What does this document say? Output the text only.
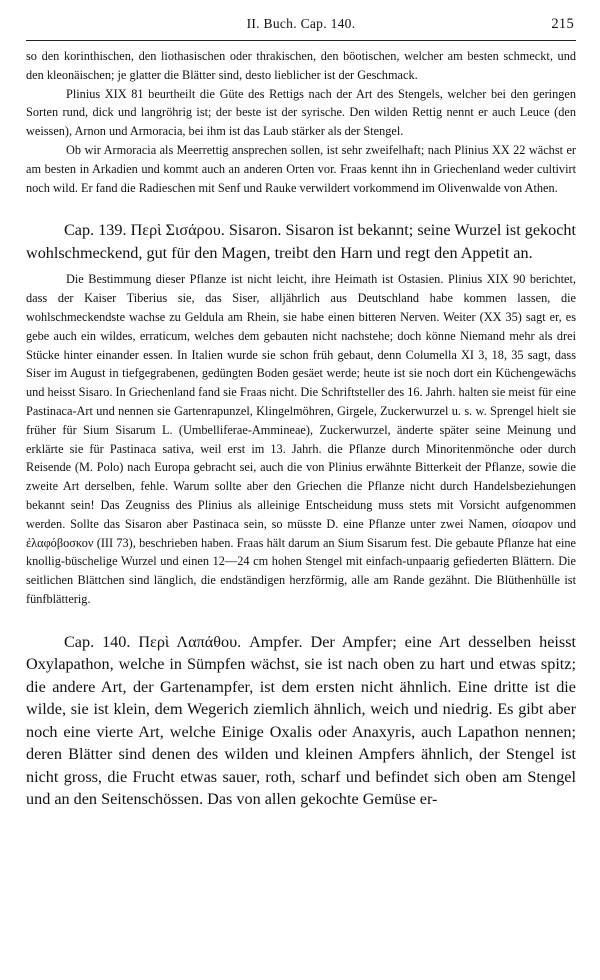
II. Buch. Cap. 140.	215

so den korinthischen, den liothasischen oder thrakischen, den böotischen, welcher am besten schmeckt, und den kleonäischen; je glatter die Blätter sind, desto lieblicher ist der Geschmack.

Plinius XIX 81 beurtheilt die Güte des Rettigs nach der Art des Stengels, welcher bei den geringen Sorten rund, dick und langröhrig ist; der beste ist der syrische. Den wilden Rettig nennt er auch Leuce (den weissen), Arnon und Armoracia, bei ihm ist das Laub stärker als der Stengel.

Ob wir Armoracia als Meerrettig ansprechen sollen, ist sehr zweifelhaft; nach Plinius XX 22 wächst er am besten in Arkadien und kommt auch an anderen Orten vor. Fraas kennt ihn in Griechenland weder cultivirt noch wild. Er fand die Radieschen mit Senf und Rauke verwildert vorkommend im Olivenwalde von Athen.

Cap. 139. Περὶ Σισάρου. Sisaron. Sisaron ist bekannt; seine Wurzel ist gekocht wohlschmeckend, gut für den Magen, treibt den Harn und regt den Appetit an.

Die Bestimmung dieser Pflanze ist nicht leicht, ihre Heimath ist Ostasien. Plinius XIX 90 berichtet, dass der Kaiser Tiberius sie, das Siser, alljährlich aus Deutschland habe kommen lassen, die wohlschmeckendste wachse zu Geldula am Rhein, sie habe einen bitteren Nerven. Weiter (XX 35) sagt er, es gebe auch ein wildes, erraticum, welches dem gebauten nicht nachstehe; doch könne Niemand mehr als drei Stücke hinter einander essen. In Italien wurde sie schon früh gebaut, denn Columella XI 3, 18, 35 sagt, dass Siser im August in tiefgegrabenen, gedüngten Boden gesäet werde; heute ist sie noch dort ein Küchengewächs und heisst Sisaro. In Griechenland fand sie Fraas nicht. Die Schriftsteller des 16. Jahrh. halten sie meist für eine Pastinaca-Art und nennen sie Gartenrapunzel, Klingelmöhren, Girgele, Zuckerwurzel u. s. w. Sprengel hielt sie früher für Sium Sisarum L. (Umbelliferae-Ammineae), Zuckerwurzel, änderte später seine Meinung und erklärte sie für Pastinaca sativa, weil erst im 13. Jahrh. die Pflanze durch Minoritenmönche oder durch Reisende (M. Polo) nach Europa gebracht sei, auch die von Plinius erwähnte Bitterkeit der Pflanze, sowie die zweite Art derselben, fehle. Warum sollte aber den Griechen die Pflanze nicht durch Handelsbeziehungen bekannt sein! Das Zeugniss des Plinius als alleinige Entscheidung muss stets mit Vorsicht aufgenommen werden. Sollte das Sisaron aber Pastinaca sein, so müsste D. eine Pflanze unter zwei Namen, σίσαρον und ἐλαφόβοσκον (III 73), beschrieben haben. Fraas hält darum an Sium Sisarum fest. Die gebaute Pflanze hat eine knollig-büschelige Wurzel und einen 12—24 cm hohen Stengel mit einfach-unpaarig gefiederten Blättern. Die seitlichen Blättchen sind länglich, die endständigen herzförmig, alle am Rande gezähnt. Die Blüthenhülle ist fünfblätterig.

Cap. 140. Περὶ Λαπάθου. Ampfer. Der Ampfer; eine Art desselben heisst Oxylapathon, welche in Sümpfen wächst, sie ist nach oben zu hart und etwas spitz; die andere Art, der Gartenampfer, ist dem ersten nicht ähnlich. Eine dritte ist die wilde, sie ist klein, dem Wegerich ziemlich ähnlich, weich und niedrig. Es gibt aber noch eine vierte Art, welche Einige Oxalis oder Anaxyris, auch Lapathon nennen; deren Blätter sind denen des wilden und kleinen Ampfers ähnlich, der Stengel ist nicht gross, die Frucht etwas sauer, roth, scharf und befindet sich oben am Stengel und an den Seitenschössen. Das von allen gekochte Gemüse er-
